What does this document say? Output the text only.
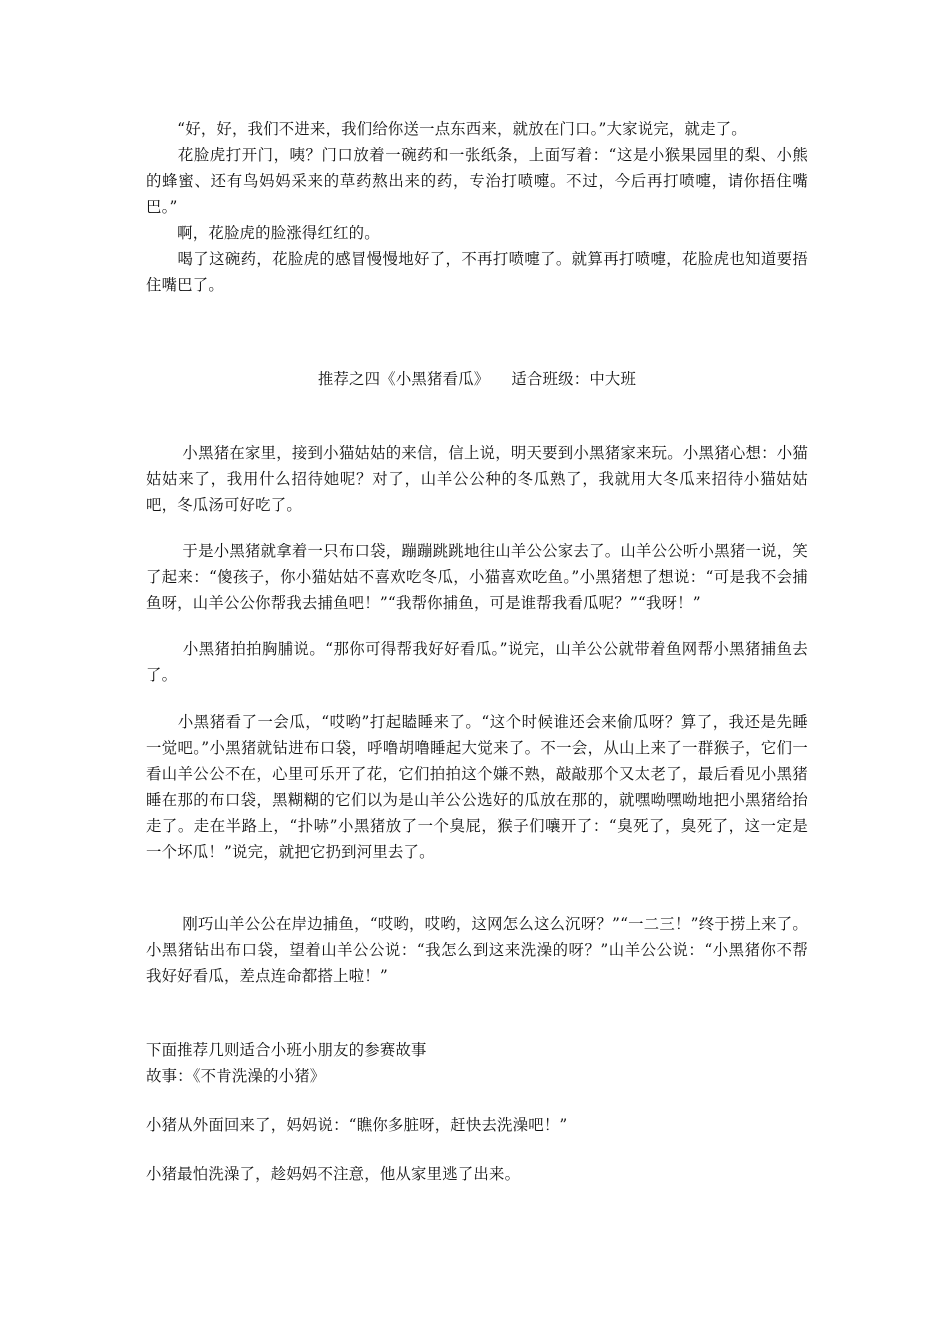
　　“好，好，我们不进来，我们给你送一点东西来，就放在门口。”大家说完，就走了。

　　花脸虎打开门，咦？门口放着一碗药和一张纸条，上面写着：“这是小猴果园里的梨、小熊的蜂蜜、还有鸟妈妈采来的草药熬出来的药，专治打喷嚏。不过，今后再打喷嚏，请你捂住嘴巴。”

　　啊，花脸虎的脸涨得红红的。

　　喝了这碗药，花脸虎的感冒慢慢地好了，不再打喷嚏了。就算再打喷嚏，花脸虎也知道要捂住嘴巴了。

推荐之四《小黑猪看瓜》 适合班级：中大班

　　 小黑猪在家里，接到小猫姑姑的来信，信上说，明天要到小黑猪家来玩。小黑猪心想：小猫姑姑来了，我用什么招待她呢？对了，山羊公公种的冬瓜熟了，我就用大冬瓜来招待小猫姑姑吧，冬瓜汤可好吃了。

　　 于是小黑猪就拿着一只布口袋，蹦蹦跳跳地往山羊公公家去了。山羊公公听小黑猪一说，笑了起来：“傻孩子，你小猫姑姑不喜欢吃冬瓜，小猫喜欢吃鱼。”小黑猪想了想说：“可是我不会捕鱼呀，山羊公公你帮我去捕鱼吧！”“我帮你捕鱼，可是谁帮我看瓜呢？”“我呀！”

　　 小黑猪拍拍胸脯说。“那你可得帮我好好看瓜。”说完，山羊公公就带着鱼网帮小黑猪捕鱼去了。

　　小黑猪看了一会瓜，“哎哟”打起瞌睡来了。“这个时候谁还会来偷瓜呀？算了，我还是先睡一觉吧。”小黑猪就钻进布口袋，呼噜胡噜睡起大觉来了。不一会，从山上来了一群猴子，它们一看山羊公公不在，心里可乐开了花，它们拍拍这个嫌不熟，敲敲那个又太老了，最后看见小黑猪睡在那的布口袋，黑糊糊的它们以为是山羊公公选好的瓜放在那的，就嘿呦嘿呦地把小黑猪给抬走了。走在半路上，“扑哧”小黑猪放了一个臭屁，猴子们嚷开了：“臭死了，臭死了，这一定是一个坏瓜！”说完，就把它扔到河里去了。

　　 刚巧山羊公公在岸边捕鱼，“哎哟，哎哟，这网怎么这么沉呀？”“一二三！”终于捞上来了。小黑猪钻出布口袋，望着山羊公公说：“我怎么到这来洗澡的呀？”山羊公公说：“小黑猪你不帮我好好看瓜，差点连命都搭上啦！”

下面推荐几则适合小班小朋友的参赛故事

故事：《不肯洗澡的小猪》

小猪从外面回来了，妈妈说：“瞧你多脏呀，赶快去洗澡吧！”

小猪最怕洗澡了，趁妈妈不注意，他从家里逃了出来。
